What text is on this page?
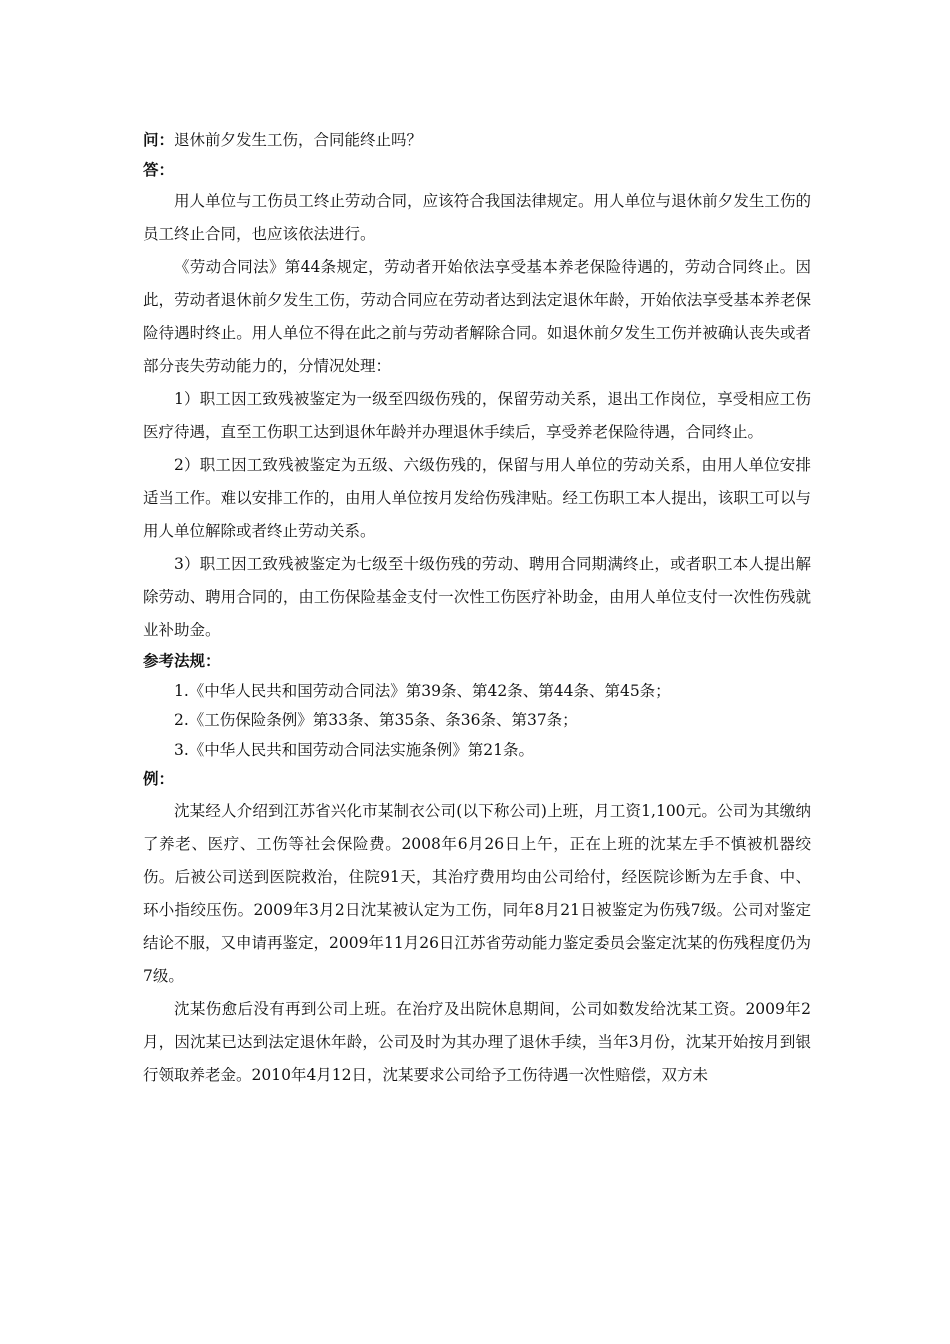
问：退休前夕发生工伤，合同能终止吗？

答：

用人单位与工伤员工终止劳动合同，应该符合我国法律规定。用人单位与退休前夕发生工伤的员工终止合同，也应该依法进行。

《劳动合同法》第44条规定，劳动者开始依法享受基本养老保险待遇的，劳动合同终止。因此，劳动者退休前夕发生工伤，劳动合同应在劳动者达到法定退休年龄，开始依法享受基本养老保险待遇时终止。用人单位不得在此之前与劳动者解除合同。如退休前夕发生工伤并被确认丧失或者部分丧失劳动能力的，分情况处理：

1）职工因工致残被鉴定为一级至四级伤残的，保留劳动关系，退出工作岗位，享受相应工伤医疗待遇，直至工伤职工达到退休年龄并办理退休手续后，享受养老保险待遇，合同终止。

2）职工因工致残被鉴定为五级、六级伤残的，保留与用人单位的劳动关系，由用人单位安排适当工作。难以安排工作的，由用人单位按月发给伤残津贴。经工伤职工本人提出，该职工可以与用人单位解除或者终止劳动关系。

3）职工因工致残被鉴定为七级至十级伤残的劳动、聘用合同期满终止，或者职工本人提出解除劳动、聘用合同的，由工伤保险基金支付一次性工伤医疗补助金，由用人单位支付一次性伤残就业补助金。

参考法规：

1.《中华人民共和国劳动合同法》第39条、第42条、第44条、第45条；

2.《工伤保险条例》第33条、第35条、条36条、第37条；

3.《中华人民共和国劳动合同法实施条例》第21条。

例：

沈某经人介绍到江苏省兴化市某制衣公司(以下称公司)上班，月工资1,100元。公司为其缴纳了养老、医疗、工伤等社会保险费。2008年6月26日上午，正在上班的沈某左手不慎被机器绞伤。后被公司送到医院救治，住院91天，其治疗费用均由公司给付，经医院诊断为左手食、中、环小指绞压伤。2009年3月2日沈某被认定为工伤，同年8月21日被鉴定为伤残7级。公司对鉴定结论不服，又申请再鉴定，2009年11月26日江苏省劳动能力鉴定委员会鉴定沈某的伤残程度仍为7级。

沈某伤愈后没有再到公司上班。在治疗及出院休息期间，公司如数发给沈某工资。2009年2月，因沈某已达到法定退休年龄，公司及时为其办理了退休手续，当年3月份，沈某开始按月到银行领取养老金。2010年4月12日，沈某要求公司给予工伤待遇一次性赔偿，双方未
